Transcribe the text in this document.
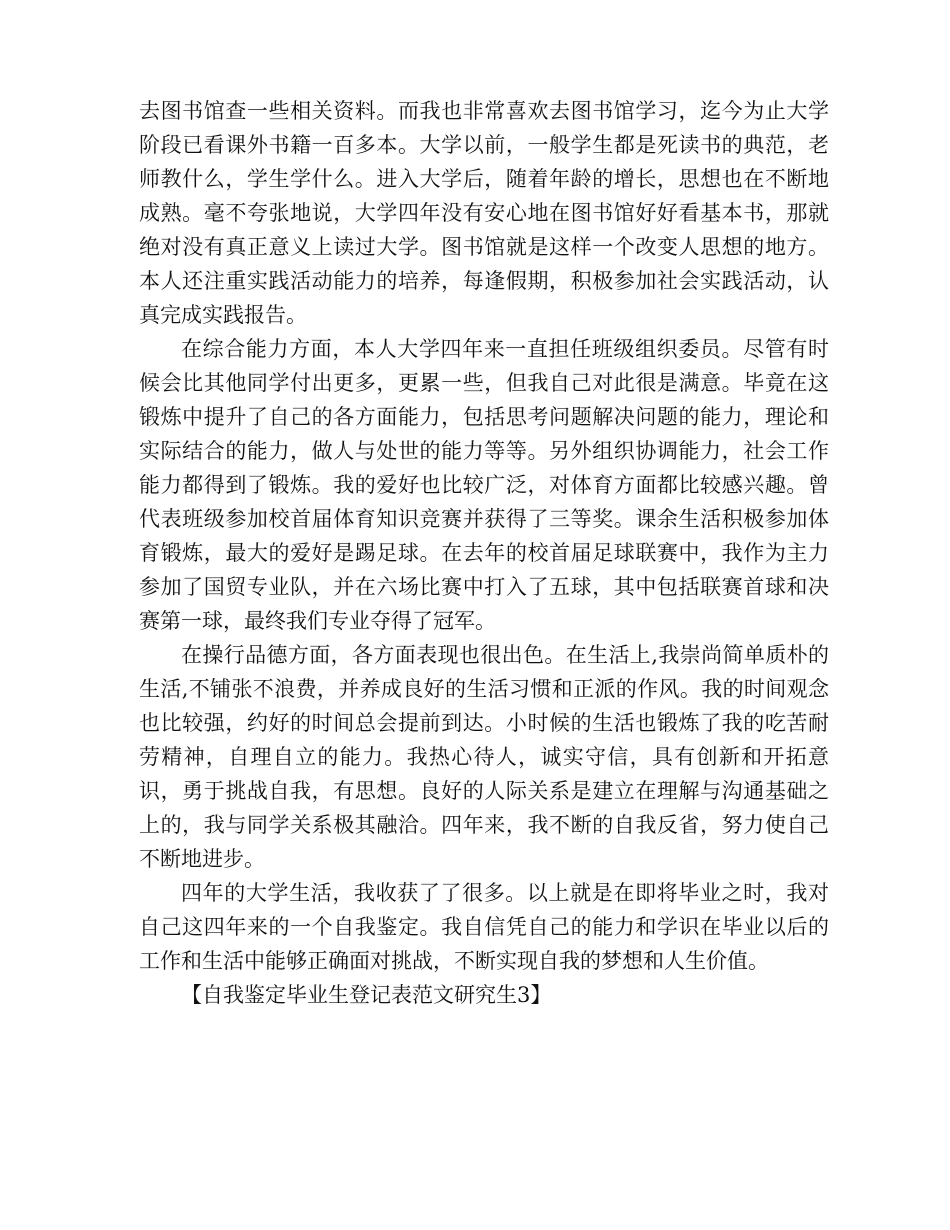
去图书馆查一些相关资料。而我也非常喜欢去图书馆学习，迄今为止大学阶段已看课外书籍一百多本。大学以前，一般学生都是死读书的典范，老师教什么，学生学什么。进入大学后，随着年龄的增长，思想也在不断地成熟。毫不夸张地说，大学四年没有安心地在图书馆好好看基本书，那就绝对没有真正意义上读过大学。图书馆就是这样一个改变人思想的地方。本人还注重实践活动能力的培养，每逢假期，积极参加社会实践活动，认真完成实践报告。

在综合能力方面，本人大学四年来一直担任班级组织委员。尽管有时候会比其他同学付出更多，更累一些，但我自己对此很是满意。毕竟在这锻炼中提升了自己的各方面能力，包括思考问题解决问题的能力，理论和实际结合的能力，做人与处世的能力等等。另外组织协调能力，社会工作能力都得到了锻炼。我的爱好也比较广泛，对体育方面都比较感兴趣。曾代表班级参加校首届体育知识竞赛并获得了三等奖。课余生活积极参加体育锻炼，最大的爱好是踢足球。在去年的校首届足球联赛中，我作为主力参加了国贸专业队，并在六场比赛中打入了五球，其中包括联赛首球和决赛第一球，最终我们专业夺得了冠军。

在操行品德方面，各方面表现也很出色。在生活上,我崇尚简单质朴的生活,不铺张不浪费，并养成良好的生活习惯和正派的作风。我的时间观念也比较强，约好的时间总会提前到达。小时候的生活也锻炼了我的吃苦耐劳精神，自理自立的能力。我热心待人，诚实守信，具有创新和开拓意识，勇于挑战自我，有思想。良好的人际关系是建立在理解与沟通基础之上的，我与同学关系极其融洽。四年来，我不断的自我反省，努力使自己不断地进步。

四年的大学生活，我收获了了很多。以上就是在即将毕业之时，我对自己这四年来的一个自我鉴定。我自信凭自己的能力和学识在毕业以后的工作和生活中能够正确面对挑战，不断实现自我的梦想和人生价值。

【自我鉴定毕业生登记表范文研究生3】
